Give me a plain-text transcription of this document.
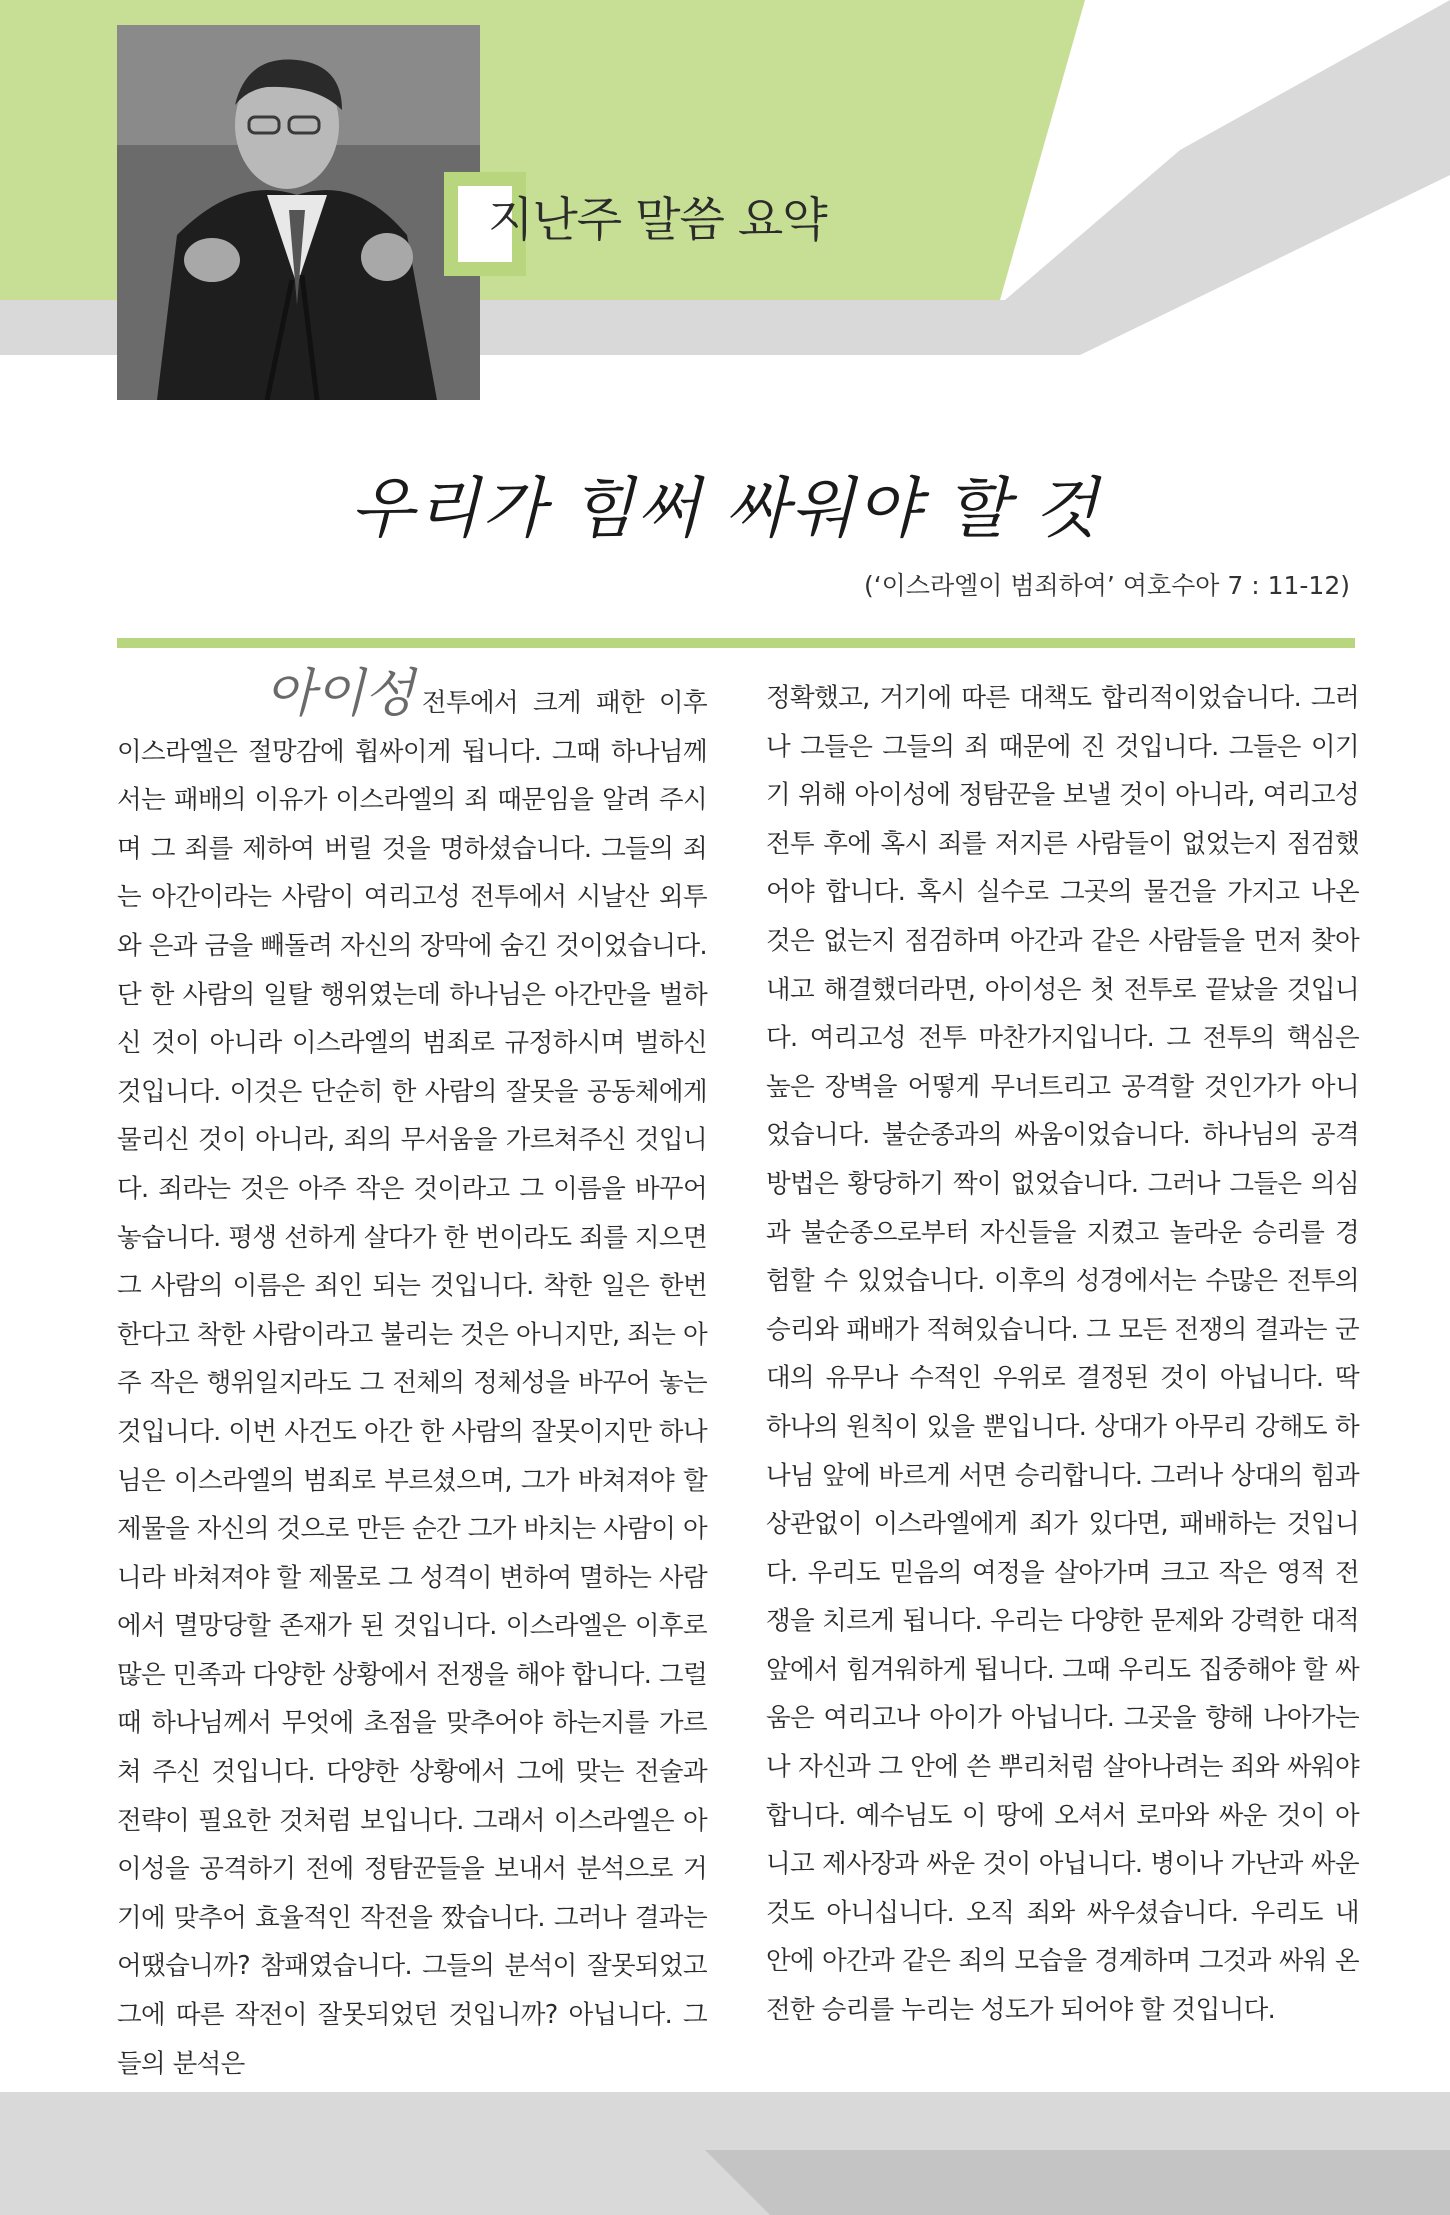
지난주 말씀 요약
우리가 힘써 싸워야 할 것
(‘이스라엘이 범죄하여’ 여호수아 7 : 11-12)
아이성 전투에서 크게 패한 이후 이스라엘은 절망감에 휩싸이게 됩니다. 그때 하나님께서는 패배의 이유가 이스라엘의 죄 때문임을 알려 주시며 그 죄를 제하여 버릴 것을 명하셨습니다. 그들의 죄는 아간이라는 사람이 여리고성 전투에서 시날산 외투와 은과 금을 빼돌려 자신의 장막에 숨긴 것이었습니다. 단 한 사람의 일탈 행위였는데 하나님은 아간만을 벌하신 것이 아니라 이스라엘의 범죄로 규정하시며 벌하신 것입니다. 이것은 단순히 한 사람의 잘못을 공동체에게 물리신 것이 아니라, 죄의 무서움을 가르쳐주신 것입니다. 죄라는 것은 아주 작은 것이라고 그 이름을 바꾸어 놓습니다. 평생 선하게 살다가 한 번이라도 죄를 지으면 그 사람의 이름은 죄인 되는 것입니다. 착한 일은 한번 한다고 착한 사람이라고 불리는 것은 아니지만, 죄는 아주 작은 행위일지라도 그 전체의 정체성을 바꾸어 놓는 것입니다. 이번 사건도 아간 한 사람의 잘못이지만 하나님은 이스라엘의 범죄로 부르셨으며, 그가 바쳐져야 할 제물을 자신의 것으로 만든 순간 그가 바치는 사람이 아니라 바쳐져야 할 제물로 그 성격이 변하여 멸하는 사람에서 멸망당할 존재가 된 것입니다. 이스라엘은 이후로 많은 민족과 다양한 상황에서 전쟁을 해야 합니다. 그럴 때 하나님께서 무엇에 초점을 맞추어야 하는지를 가르쳐 주신 것입니다. 다양한 상황에서 그에 맞는 전술과 전략이 필요한 것처럼 보입니다. 그래서 이스라엘은 아이성을 공격하기 전에 정탐꾼들을 보내서 분석으로 거기에 맞추어 효율적인 작전을 짰습니다. 그러나 결과는 어땠습니까? 참패였습니다. 그들의 분석이 잘못되었고 그에 따른 작전이 잘못되었던 것입니까? 아닙니다. 그들의 분석은
정확했고, 거기에 따른 대책도 합리적이었습니다. 그러나 그들은 그들의 죄 때문에 진 것입니다. 그들은 이기기 위해 아이성에 정탐꾼을 보낼 것이 아니라, 여리고성 전투 후에 혹시 죄를 저지른 사람들이 없었는지 점검했어야 합니다. 혹시 실수로 그곳의 물건을 가지고 나온 것은 없는지 점검하며 아간과 같은 사람들을 먼저 찾아내고 해결했더라면, 아이성은 첫 전투로 끝났을 것입니다. 여리고성 전투 마찬가지입니다. 그 전투의 핵심은 높은 장벽을 어떻게 무너트리고 공격할 것인가가 아니었습니다. 불순종과의 싸움이었습니다. 하나님의 공격 방법은 황당하기 짝이 없었습니다. 그러나 그들은 의심과 불순종으로부터 자신들을 지켰고 놀라운 승리를 경험할 수 있었습니다. 이후의 성경에서는 수많은 전투의 승리와 패배가 적혀있습니다. 그 모든 전쟁의 결과는 군대의 유무나 수적인 우위로 결정된 것이 아닙니다. 딱 하나의 원칙이 있을 뿐입니다. 상대가 아무리 강해도 하나님 앞에 바르게 서면 승리합니다. 그러나 상대의 힘과 상관없이 이스라엘에게 죄가 있다면, 패배하는 것입니다. 우리도 믿음의 여정을 살아가며 크고 작은 영적 전쟁을 치르게 됩니다. 우리는 다양한 문제와 강력한 대적 앞에서 힘겨워하게 됩니다. 그때 우리도 집중해야 할 싸움은 여리고나 아이가 아닙니다. 그곳을 향해 나아가는 나 자신과 그 안에 쓴 뿌리처럼 살아나려는 죄와 싸워야 합니다. 예수님도 이 땅에 오셔서 로마와 싸운 것이 아니고 제사장과 싸운 것이 아닙니다. 병이나 가난과 싸운 것도 아니십니다. 오직 죄와 싸우셨습니다. 우리도 내 안에 아간과 같은 죄의 모습을 경계하며 그것과 싸워 온전한 승리를 누리는 성도가 되어야 할 것입니다.
